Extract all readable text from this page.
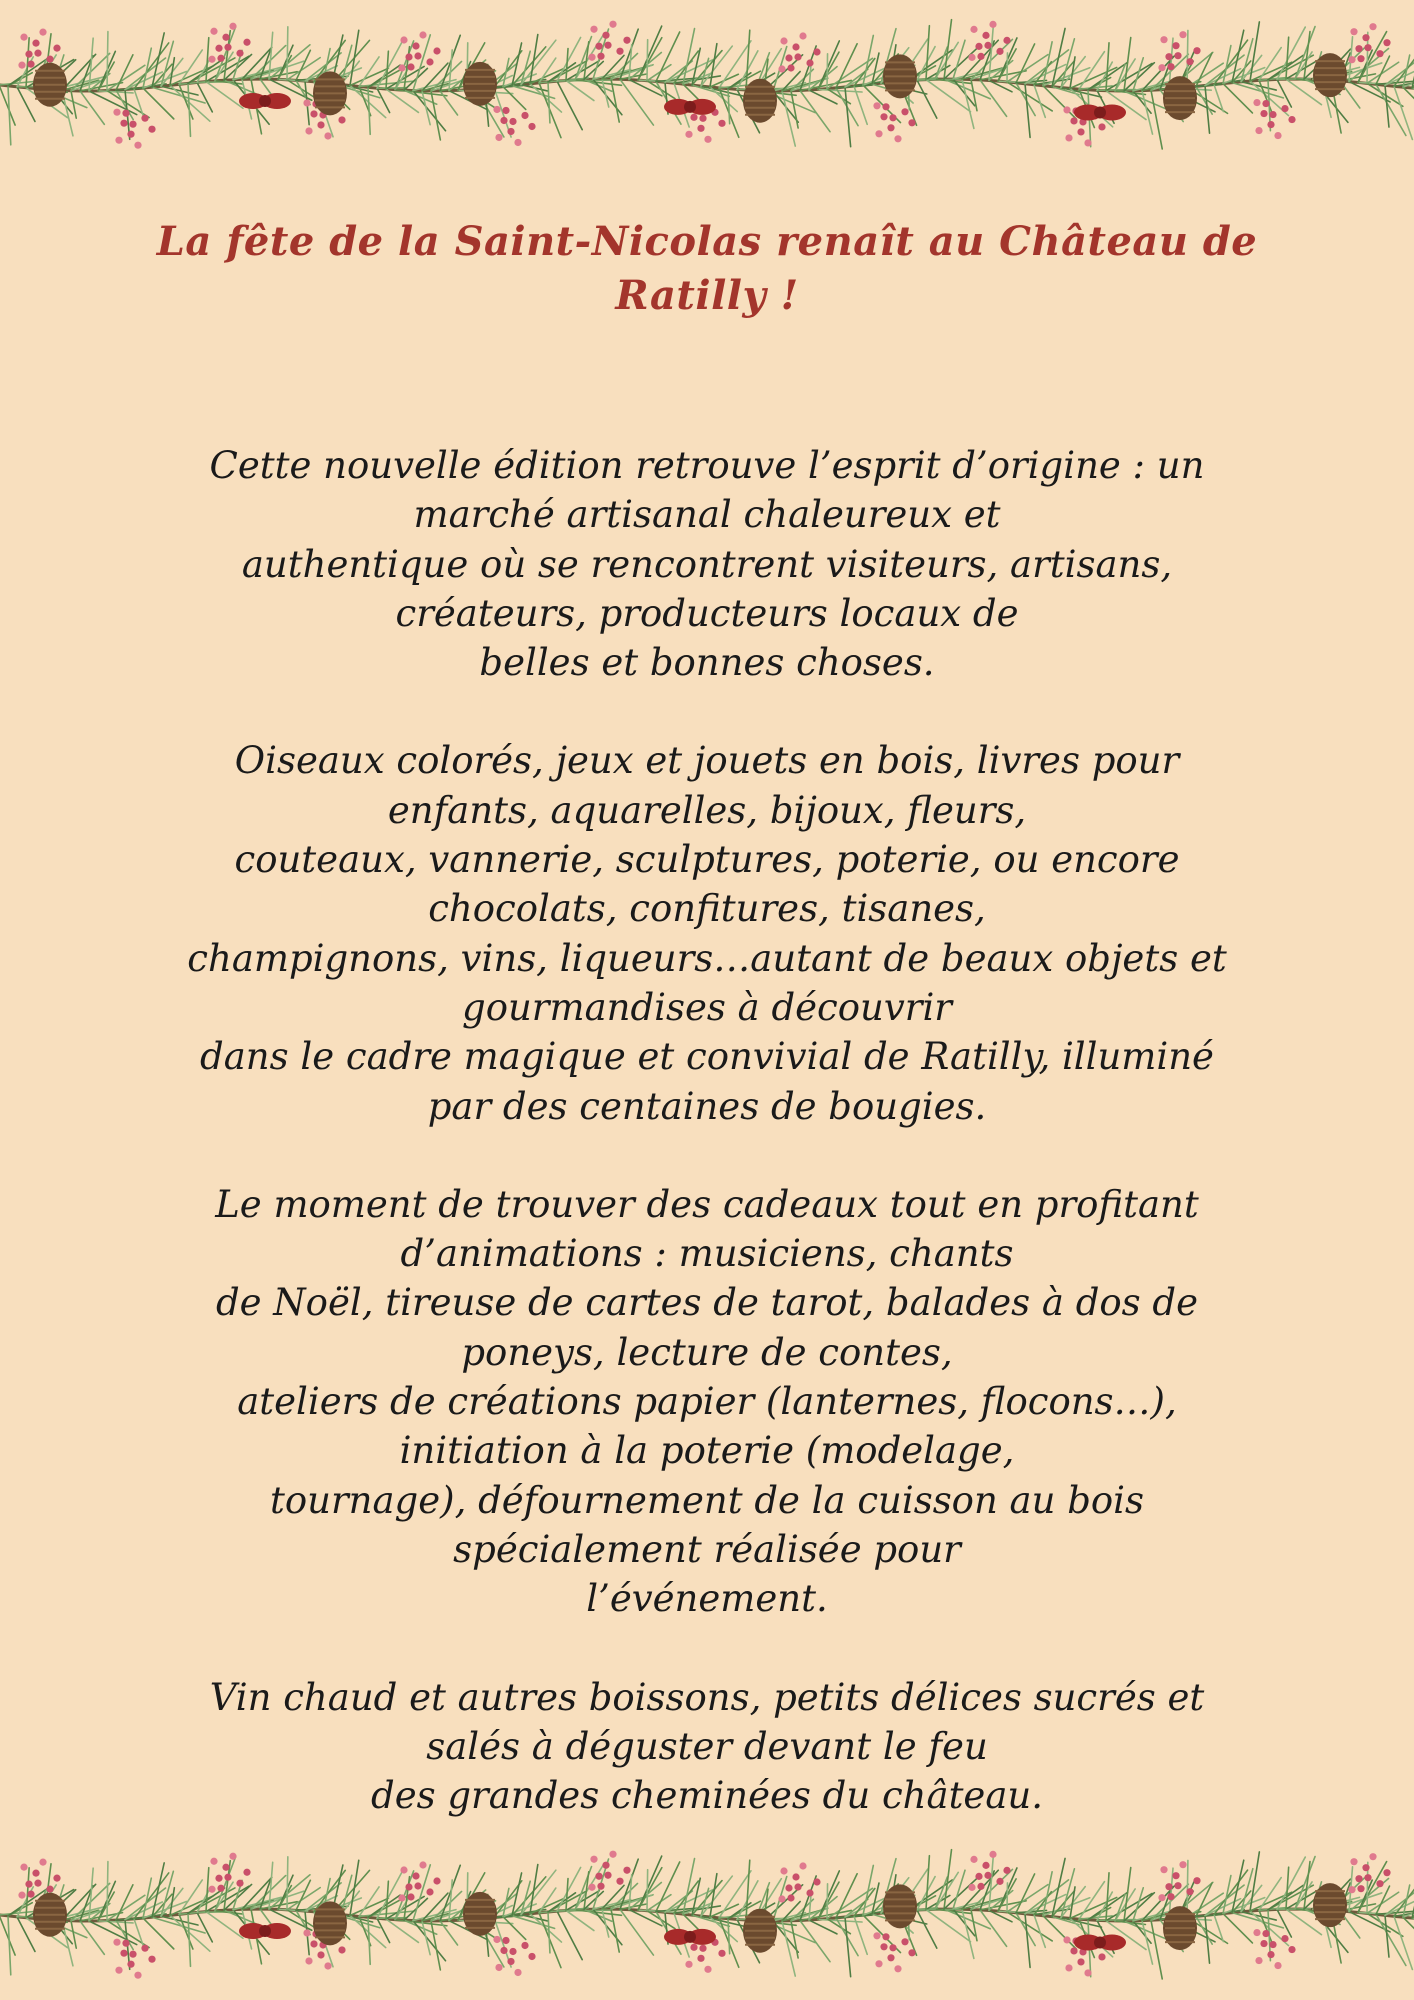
La fête de la Saint-Nicolas renaît au Château de
Ratilly !

Cette nouvelle édition retrouve l’esprit d’origine : un
marché artisanal chaleureux et
authentique où se rencontrent visiteurs, artisans,
créateurs, producteurs locaux de
belles et bonnes choses.

Oiseaux colorés, jeux et jouets en bois, livres pour
enfants, aquarelles, bijoux, fleurs,
couteaux, vannerie, sculptures, poterie, ou encore
chocolats, confitures, tisanes,
champignons, vins, liqueurs…autant de beaux objets et
gourmandises à découvrir
dans le cadre magique et convivial de Ratilly, illuminé
par des centaines de bougies.

Le moment de trouver des cadeaux tout en profitant
d’animations : musiciens, chants
de Noël, tireuse de cartes de tarot, balades à dos de
poneys, lecture de contes,
ateliers de créations papier (lanternes, flocons…),
initiation à la poterie (modelage,
tournage), défournement de la cuisson au bois
spécialement réalisée pour
l’événement.

Vin chaud et autres boissons, petits délices sucrés et
salés à déguster devant le feu
des grandes cheminées du château.
